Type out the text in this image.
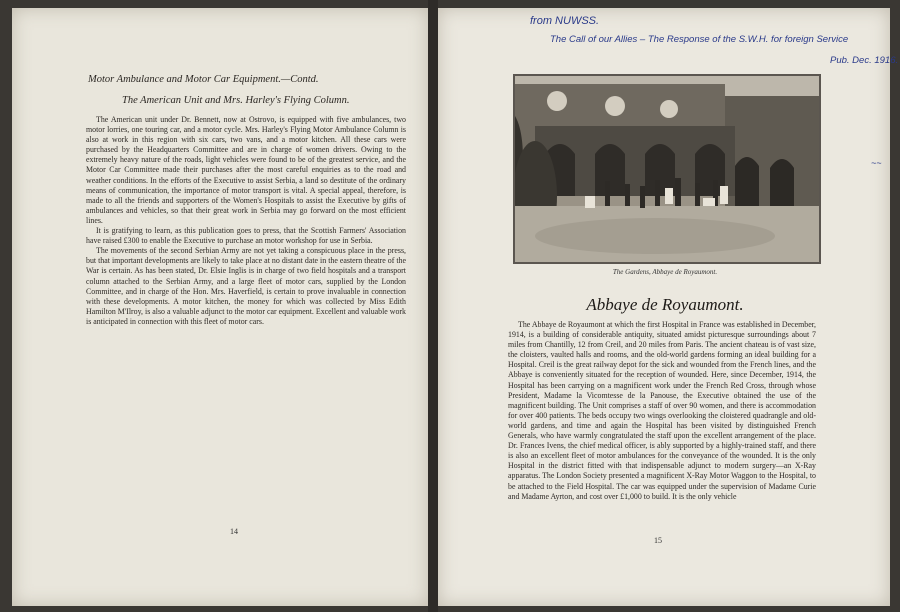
Motor Ambulance and Motor Car Equipment.—Contd.
The American Unit and Mrs. Harley's Flying Column.

The American unit under Dr. Bennett, now at Ostrovo, is equipped with five ambulances, two motor lorries, one touring car, and a motor cycle. Mrs. Harley's Flying Motor Ambulance Column is also at work in this region with six cars, two vans, and a motor kitchen. All these cars were purchased by the Headquarters Committee and are in charge of women drivers. Owing to the extremely heavy nature of the roads, light vehicles were found to be of the greatest service, and the Motor Car Committee made their purchases after the most careful enquiries as to the road and weather conditions. In the efforts of the Executive to assist Serbia, a land so destitute of the ordinary means of communication, the importance of motor transport is vital. A special appeal, therefore, is made to all the friends and supporters of the Women's Hospitals to assist the Executive by gifts of ambulances and vehicles, so that their great work in Serbia may go forward on the most efficient lines.

It is gratifying to learn, as this publication goes to press, that the Scottish Farmers' Association have raised £300 to enable the Executive to purchase an motor workshop for use in Serbia.

The movements of the second Serbian Army are not yet taking a conspicuous place in the press, but that important developments are likely to take place at no distant date in the eastern theatre of the War is certain. As has been stated, Dr. Elsie Inglis is in charge of two field hospitals and a transport column attached to the Serbian Army, and a large fleet of motor cars, supplied by the London Committee, and in charge of the Hon. Mrs. Haverfield, is certain to prove invaluable in connection with these developments. A motor kitchen, the money for which was collected by Miss Edith Hamilton M'Ilroy, is also a valuable adjunct to the motor car equipment. Excellent and valuable work is anticipated in connection with this fleet of motor cars.

14
from NUWSS.
The Call of our Allies – The Response of the S.W.H. for foreign Service
Pub. Dec. 1916.
~~
The Gardens, Abbaye de Royaumont.
Abbaye de Royaumont.

The Abbaye de Royaumont at which the first Hospital in France was established in December, 1914, is a building of considerable antiquity, situated amidst picturesque surroundings about 7 miles from Chantilly, 12 from Creil, and 20 miles from Paris. The ancient chateau is of vast size, the cloisters, vaulted halls and rooms, and the old-world gardens forming an ideal building for a Hospital. Creil is the great railway depot for the sick and wounded from the French lines, and the Abbaye is conveniently situated for the reception of wounded. Here, since December, 1914, the Hospital has been carrying on a magnificent work under the French Red Cross, through whose President, Madame la Vicomtesse de la Panouse, the Executive obtained the use of the magnificent building. The Unit comprises a staff of over 90 women, and there is accommodation for over 400 patients. The beds occupy two wings overlooking the cloistered quadrangle and old-world gardens, and time and again the Hospital has been visited by distinguished French Generals, who have warmly congratulated the staff upon the excellent arrangement of the place. Dr. Frances Ivens, the chief medical officer, is ably supported by a highly-trained staff, and there is also an excellent fleet of motor ambulances for the conveyance of the wounded. It is the only Hospital in the district fitted with that indispensable adjunct to modern surgery—an X-Ray apparatus. The London Society presented a magnificent X-Ray Motor Waggon to the Hospital, to be attached to the Field Hospital. The car was equipped under the supervision of Madame Curie and Madame Ayrton, and cost over £1,000 to build. It is the only vehicle

15
